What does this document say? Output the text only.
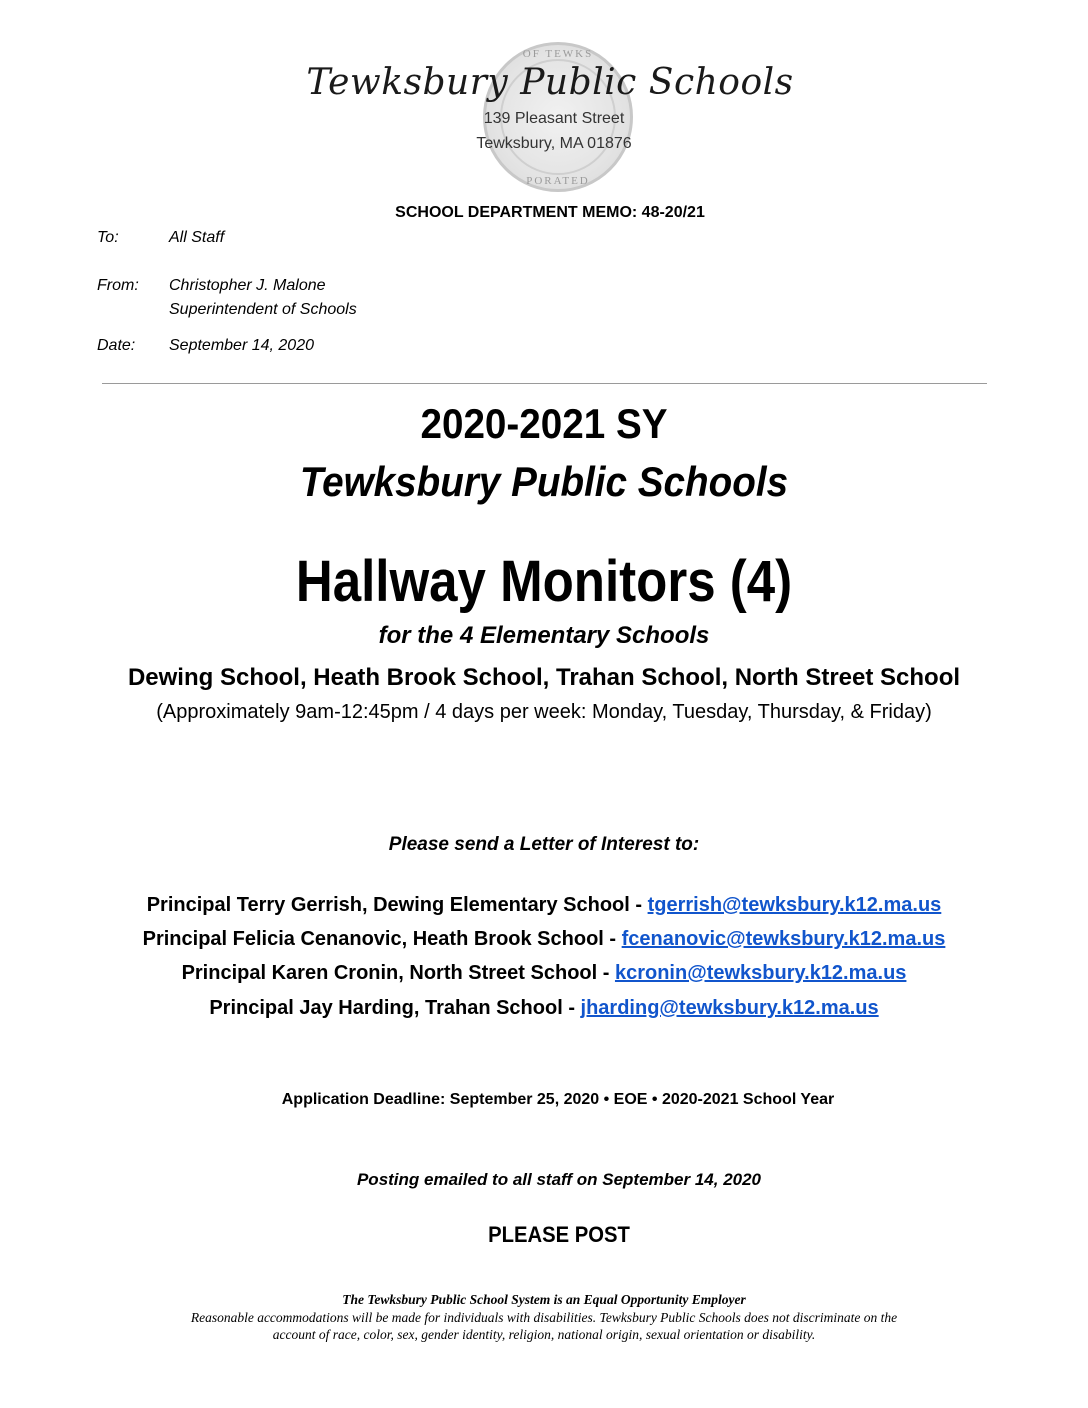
OF TEWKS
PORATED
Tewksbury Public Schools
139 Pleasant Street
Tewksbury, MA 01876
SCHOOL DEPARTMENT MEMO: 48-20/21
To:	All Staff
From: Christopher J. Malone
Superintendent of Schools
Date: September 14, 2020
2020-2021 SY
Tewksbury Public Schools
Hallway Monitors (4)
for the 4 Elementary Schools
Dewing School, Heath Brook School, Trahan School, North Street School
(Approximately 9am-12:45pm / 4 days per week: Monday, Tuesday, Thursday, & Friday)
Please send a Letter of Interest to:
Principal Terry Gerrish, Dewing Elementary School - tgerrish@tewksbury.k12.ma.us
Principal Felicia Cenanovic, Heath Brook School - fcenanovic@tewksbury.k12.ma.us
Principal Karen Cronin, North Street School - kcronin@tewksbury.k12.ma.us
Principal Jay Harding, Trahan School - jharding@tewksbury.k12.ma.us
Application Deadline: September 25, 2020 • EOE • 2020-2021 School Year
Posting emailed to all staff on September 14, 2020
PLEASE POST
The Tewksbury Public School System is an Equal Opportunity Employer
Reasonable accommodations will be made for individuals with disabilities. Tewksbury Public Schools does not discriminate on the
account of race, color, sex, gender identity, religion, national origin, sexual orientation or disability.
